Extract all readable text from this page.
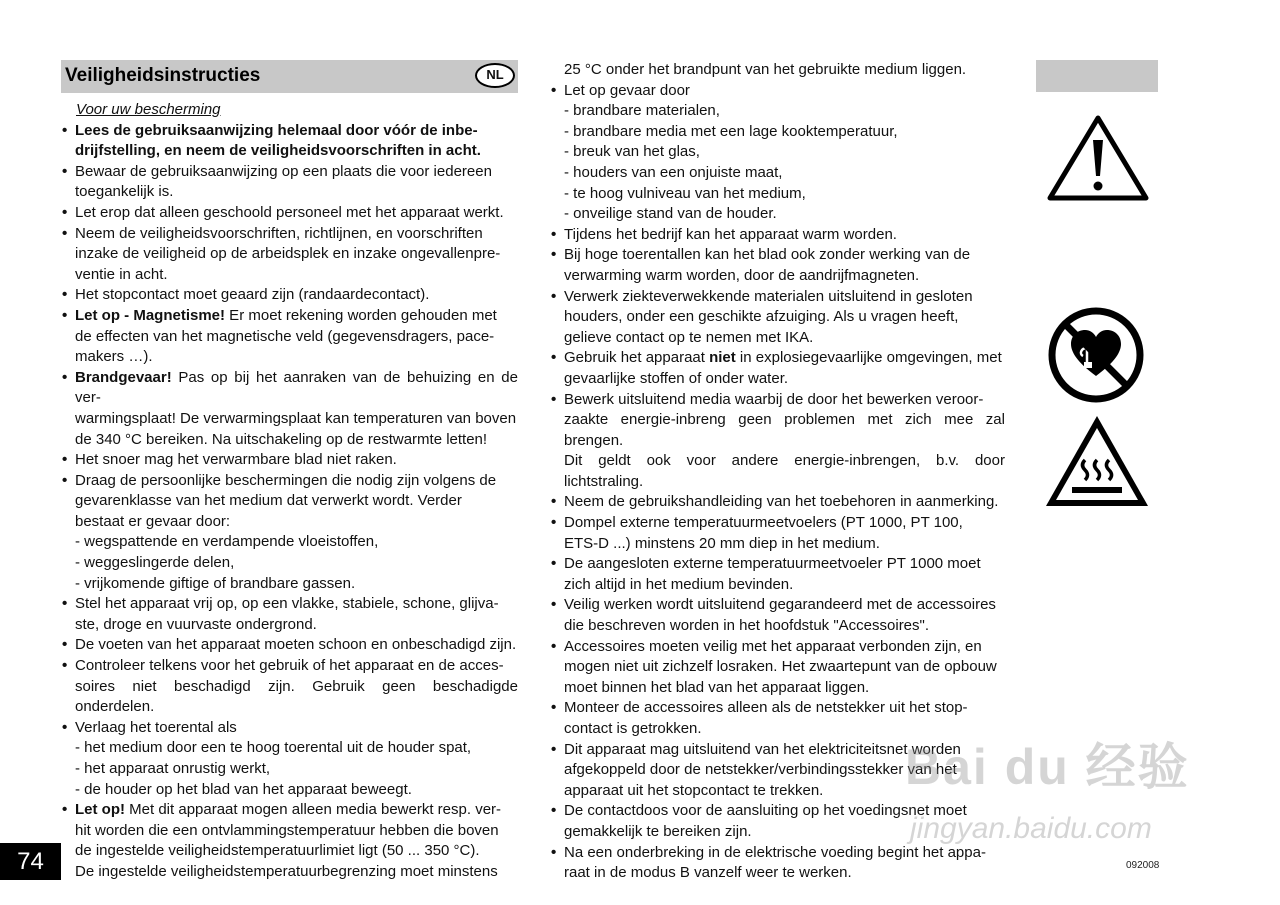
Veiligheidsinstructies	NL
Voor uw bescherming
• Lees de gebruiksaanwijzing helemaal door vóór de inbe-
drijfstelling, en neem de veiligheidsvoorschriften in acht.
• Bewaar de gebruiksaanwijzing op een plaats die voor iedereen
toegankelijk is.
• Let erop dat alleen geschoold personeel met het apparaat werkt.
• Neem de veiligheidsvoorschriften, richtlijnen, en voorschriften
inzake de veiligheid op de arbeidsplek en inzake ongevallenpre-
ventie in acht.
• Het stopcontact moet geaard zijn (randaardecontact).
• Let op - Magnetisme! Er moet rekening worden gehouden met
de effecten van het magnetische veld (gegevensdragers, pace-
makers …).
• Brandgevaar! Pas op bij het aanraken van de behuizing en de ver-
warmingsplaat! De verwarmingsplaat kan temperaturen van boven
de 340 °C bereiken. Na uitschakeling op de restwarmte letten!
• Het snoer mag het verwarmbare blad niet raken.
• Draag de persoonlijke beschermingen die nodig zijn volgens de
gevarenklasse van het medium dat verwerkt wordt. Verder
bestaat er gevaar door:
- wegspattende en verdampende vloeistoffen,
- weggeslingerde delen,
- vrijkomende giftige of brandbare gassen.
• Stel het apparaat vrij op, op een vlakke, stabiele, schone, glijva-
ste, droge en vuurvaste ondergrond.
• De voeten van het apparaat moeten schoon en onbeschadigd zijn.
• Controleer telkens voor het gebruik of het apparaat en de acces-
soires niet beschadigd zijn. Gebruik geen beschadigde onderdelen.
• Verlaag het toerental als
- het medium door een te hoog toerental uit de houder spat,
- het apparaat onrustig werkt,
- de houder op het blad van het apparaat beweegt.
• Let op! Met dit apparaat mogen alleen media bewerkt resp. ver-
hit worden die een ontvlammingstemperatuur hebben die boven
de ingestelde veiligheidstemperatuurlimiet ligt (50 ... 350 °C).
De ingestelde veiligheidstemperatuurbegrenzing moet minstens
25 °C onder het brandpunt van het gebruikte medium liggen.
• Let op gevaar door
- brandbare materialen,
- brandbare media met een lage kooktemperatuur,
- breuk van het glas,
- houders van een onjuiste maat,
- te hoog vulniveau van het medium,
- onveilige stand van de houder.
• Tijdens het bedrijf kan het apparaat warm worden.
• Bij hoge toerentallen kan het blad ook zonder werking van de
verwarming warm worden, door de aandrijfmagneten.
• Verwerk ziekteverwekkende materialen uitsluitend in gesloten
houders, onder een geschikte afzuiging. Als u vragen heeft,
gelieve contact op te nemen met IKA.
• Gebruik het apparaat niet in explosiegevaarlijke omgevingen, met
gevaarlijke stoffen of onder water.
• Bewerk uitsluitend media waarbij de door het bewerken veroor-
zaakte energie-inbreng geen problemen met zich mee zal brengen.
Dit geldt ook voor andere energie-inbrengen, b.v. door lichtstraling.
• Neem de gebruikshandleiding van het toebehoren in aanmerking.
• Dompel externe temperatuurmeetvoelers (PT 1000, PT 100,
ETS-D ...) minstens 20 mm diep in het medium.
• De aangesloten externe temperatuurmeetvoeler PT 1000 moet
zich altijd in het medium bevinden.
• Veilig werken wordt uitsluitend gegarandeerd met de accessoires
die beschreven worden in het hoofdstuk "Accessoires".
• Accessoires moeten veilig met het apparaat verbonden zijn, en
mogen niet uit zichzelf losraken. Het zwaartepunt van de opbouw
moet binnen het blad van het apparaat liggen.
• Monteer de accessoires alleen als de netstekker uit het stop-
contact is getrokken.
• Dit apparaat mag uitsluitend van het elektriciteitsnet worden
afgekoppeld door de netstekker/verbindingsstekker van het
apparaat uit het stopcontact te trekken.
• De contactdoos voor de aansluiting op het voedingsnet moet
gemakkelijk te bereiken zijn.
• Na een onderbreking in de elektrische voeding begint het appa-
raat in de modus B vanzelf weer te werken.
74	092008
Bai du 经验
jingyan.baidu.com
